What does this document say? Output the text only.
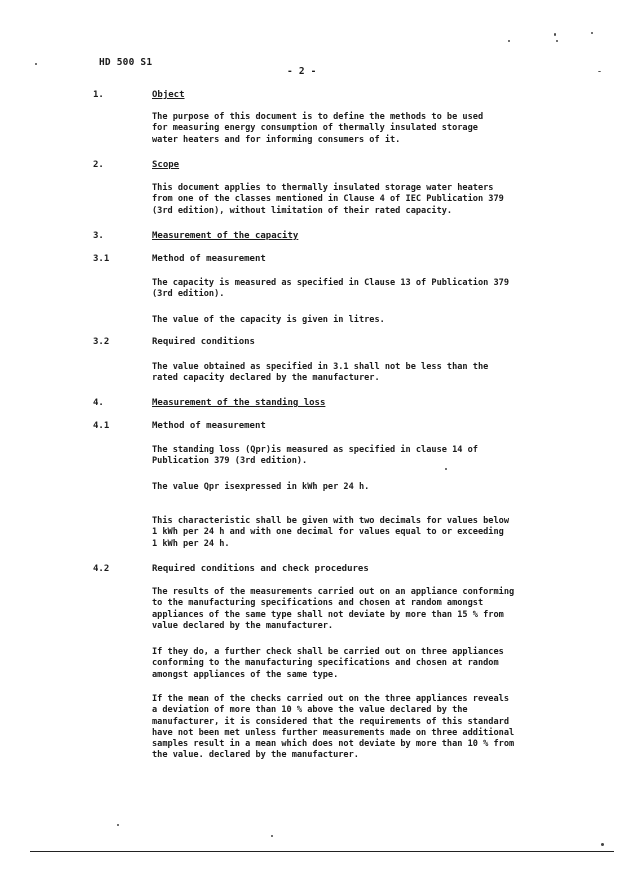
HD 500 S1
- 2 -
1.	Object
The purpose of this document is to define the methods to be used
for measuring energy consumption of thermally insulated storage
water heaters and for informing consumers of it.
2.	Scope
This document applies to thermally insulated storage water heaters
from one of the classes mentioned in Clause 4 of IEC Publication 379
(3rd edition), without limitation of their rated capacity.
3.	Measurement of the capacity
3.1	Method of measurement
The capacity is measured as specified in Clause 13 of Publication 379
(3rd edition).
The value of the capacity is given in litres.
3.2	Required conditions
The value obtained as specified in 3.1 shall not be less than the
rated capacity declared by the manufacturer.
4.	Measurement of the standing loss
4.1	Method of measurement
The standing loss (Qpr)is measured as specified in clause 14 of
Publication 379 (3rd edition).
The value Qpr isexpressed in kWh per 24 h.
This characteristic shall be given with two decimals for values below
1 kWh per 24 h and with one decimal for values equal to or exceeding
1 kWh per 24 h.
4.2	Required conditions and check procedures
The results of the measurements carried out on an appliance conforming
to the manufacturing specifications and chosen at random amongst
appliances of the same type shall not deviate by more than 15 % from
value declared by the manufacturer.
If they do, a further check shall be carried out on three appliances
conforming to the manufacturing specifications and chosen at random
amongst appliances of the same type.
If the mean of the checks carried out on the three appliances reveals
a deviation of more than 10 % above the value declared by the
manufacturer, it is considered that the requirements of this standard
have not been met unless further measurements made on three additional
samples result in a mean which does not deviate by more than 10 % from
the value. declared by the manufacturer.
